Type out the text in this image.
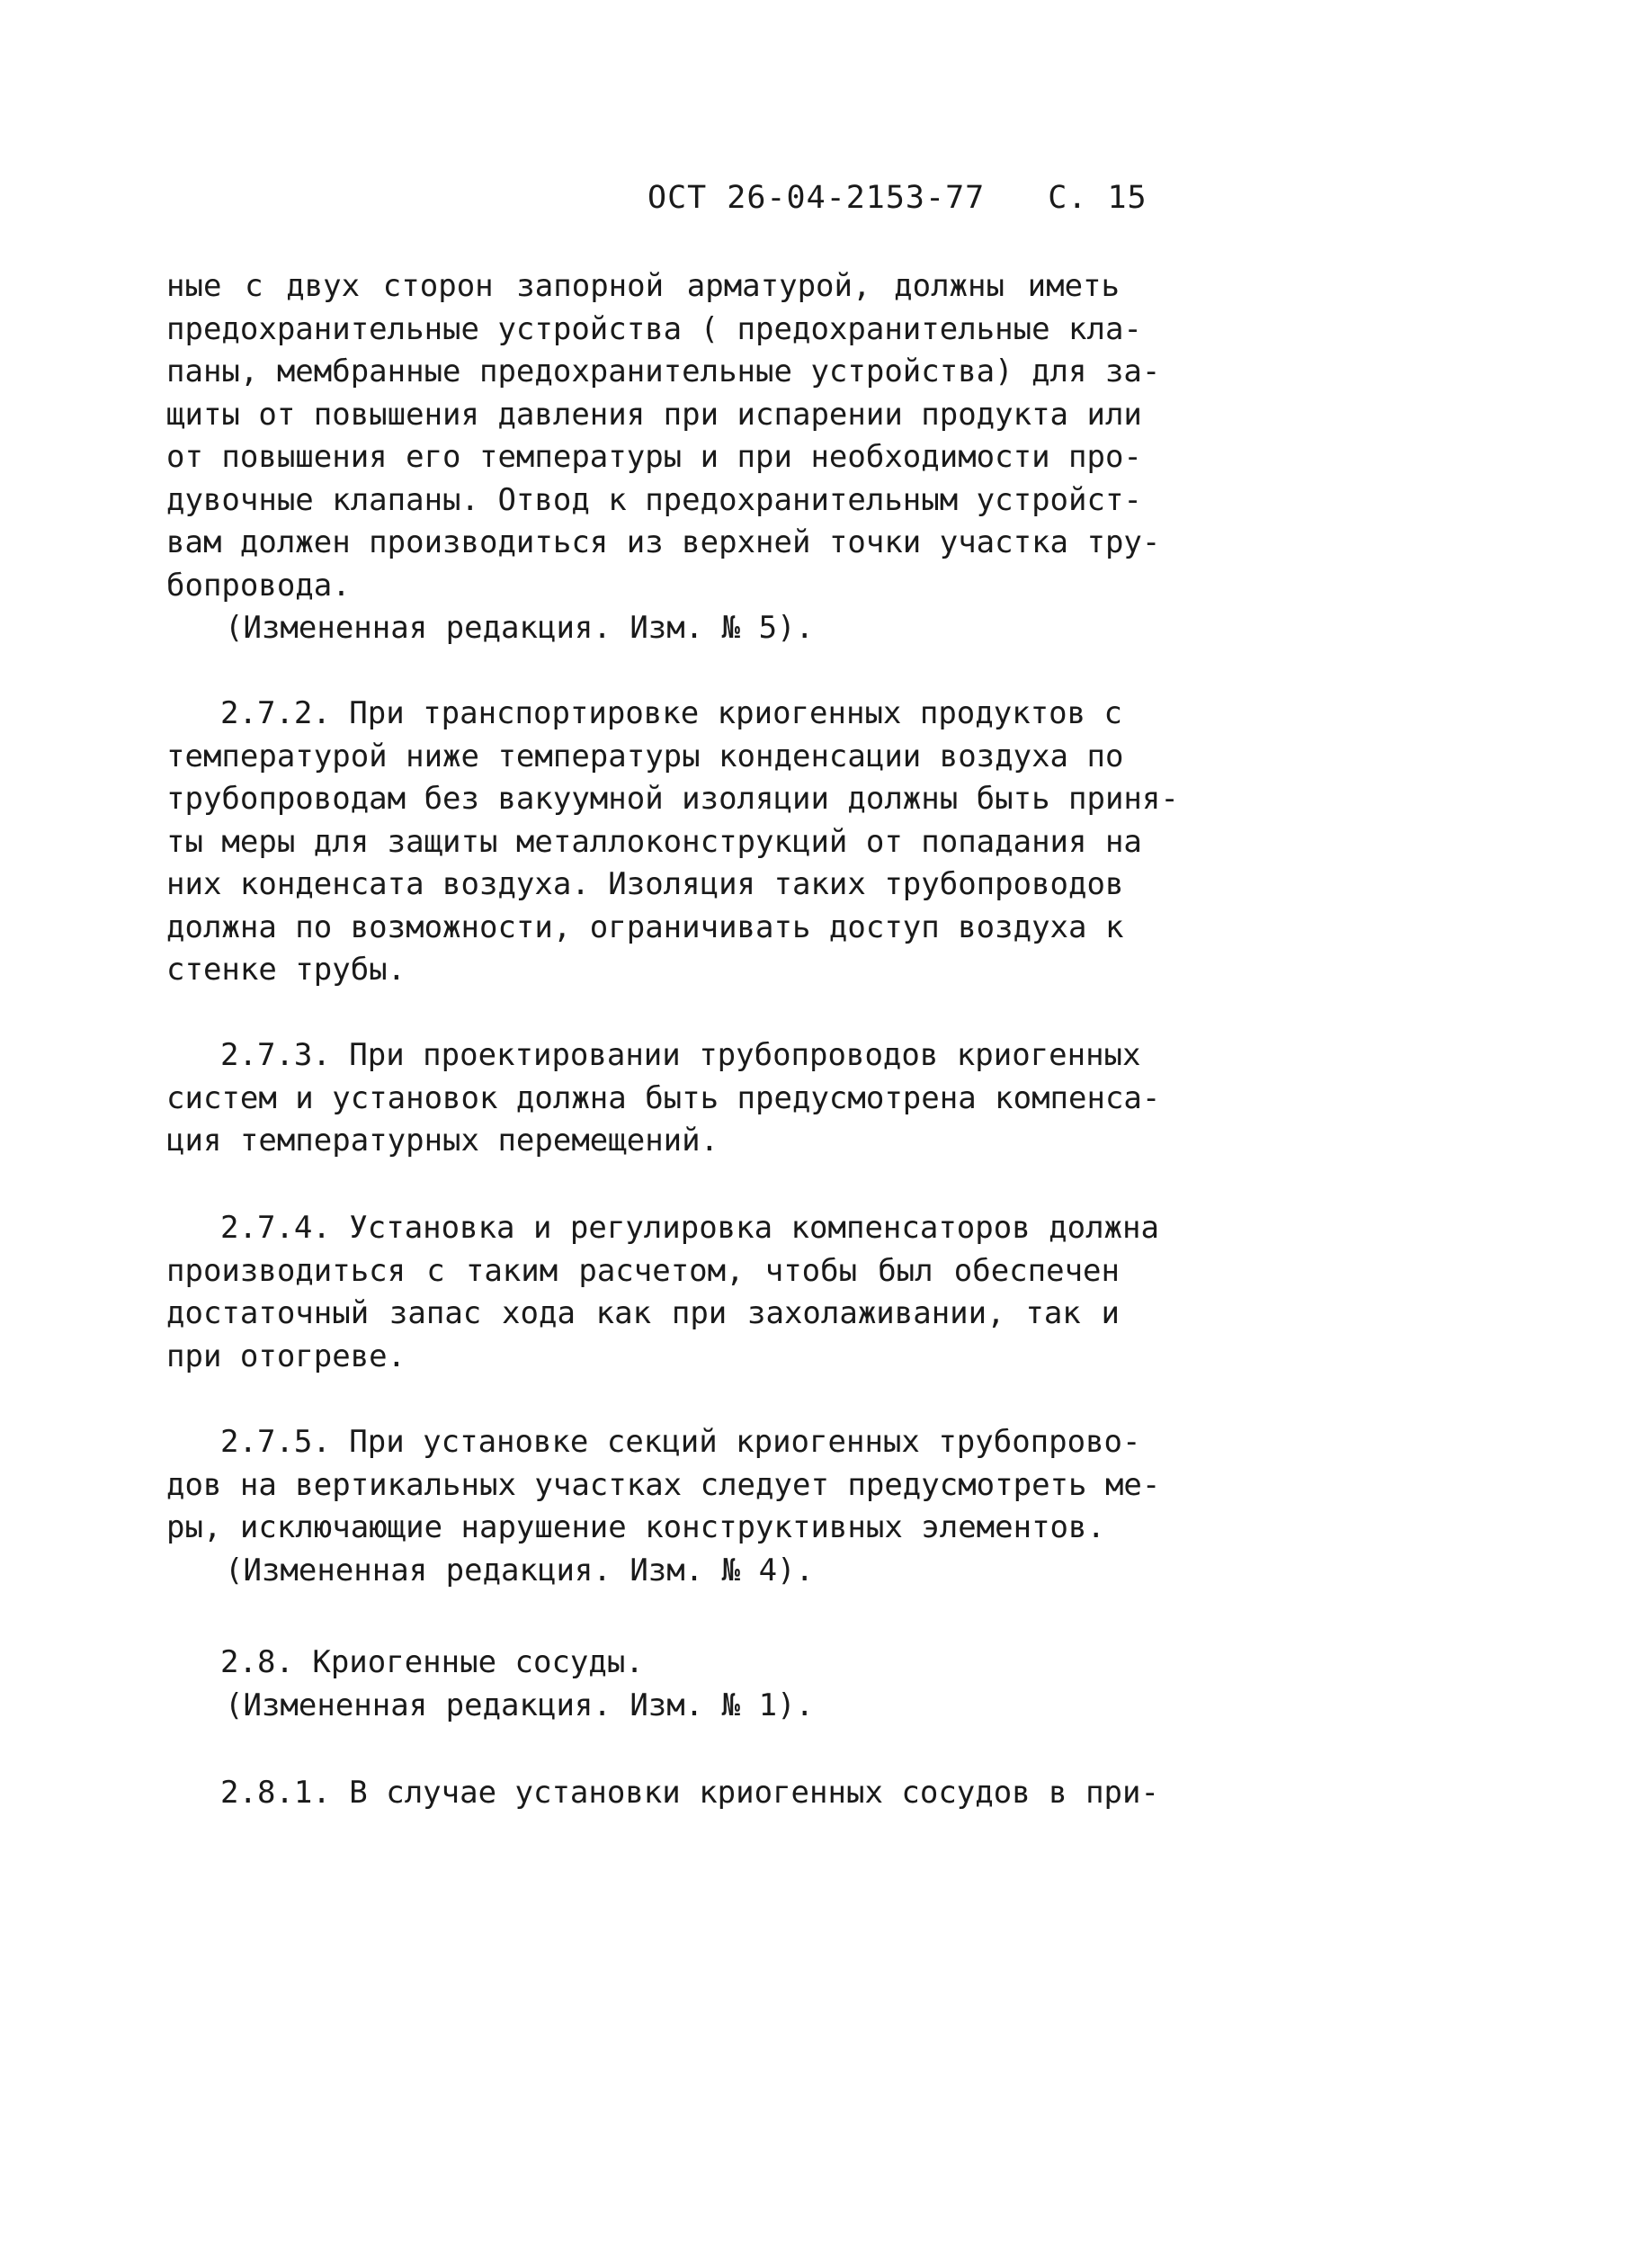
ОСТ 26-04-2153-77 С. 15
ные с двух сторон запорной арматурой, должны иметь
предохранительные устройства ( предохранительные кла-
паны, мембранные предохранительные устройства) для за-
щиты от повышения давления при испарении продукта или
от повышения его температуры и при необходимости про-
дувочные клапаны. Отвод к предохранительным устройст-
вам должен производиться из верхней точки участка тру-
бопровода.
(Измененная редакция. Изм. № 5).
2.7.2. При транспортировке криогенных продуктов с
температурой ниже температуры конденсации воздуха по
трубопроводам без вакуумной изоляции должны быть приня-
ты меры для защиты металлоконструкций от попадания на
них конденсата воздуха. Изоляция таких трубопроводов
должна по возможности, ограничивать доступ воздуха к
стенке трубы.
2.7.3. При проектировании трубопроводов криогенных
систем и установок должна быть предусмотрена компенса-
ция температурных перемещений.
2.7.4. Установка и регулировка компенсаторов должна
производиться с таким расчетом, чтобы был обеспечен
достаточный запас хода как при захолаживании, так и
при отогреве.
2.7.5. При установке секций криогенных трубопрово-
дов на вертикальных участках следует предусмотреть ме-
ры, исключающие нарушение конструктивных элементов.
(Измененная редакция. Изм. № 4).
2.8. Криогенные сосуды.
(Измененная редакция. Изм. № 1).
2.8.1. В случае установки криогенных сосудов в при-
